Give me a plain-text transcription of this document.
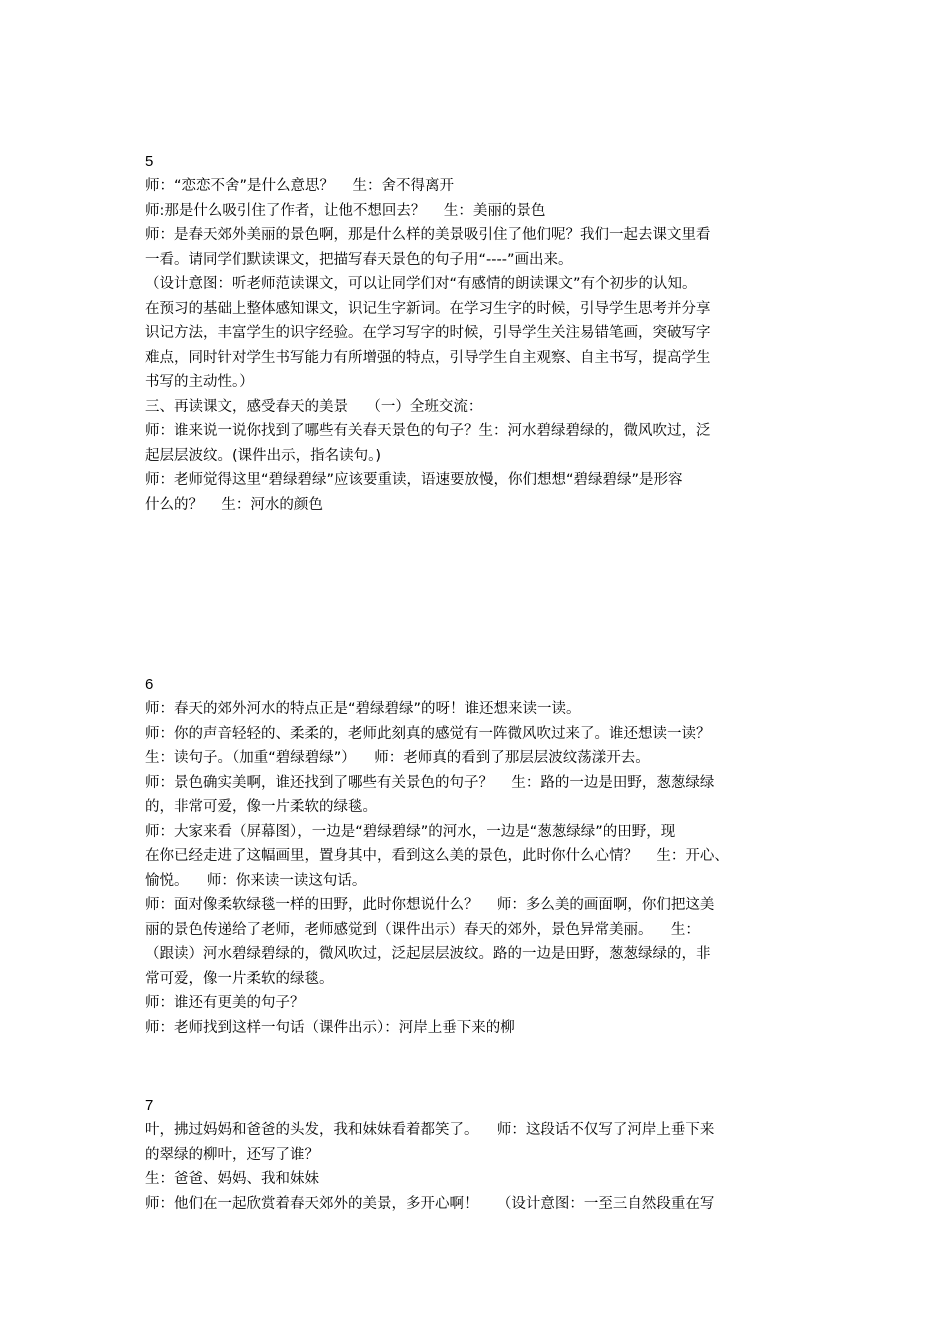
5

师：“恋恋不舍”是什么意思？    生：舍不得离开

师:那是什么吸引住了作者，让他不想回去？    生：美丽的景色

师：是春天郊外美丽的景色啊，那是什么样的美景吸引住了他们呢？我们一起去课文里看

一看。请同学们默读课文，把描写春天景色的句子用“----”画出来。

（设计意图：听老师范读课文，可以让同学们对“有感情的朗读课文”有个初步的认知。

在预习的基础上整体感知课文，识记生字新词。在学习生字的时候，引导学生思考并分享

识记方法，丰富学生的识字经验。在学习写字的时候，引导学生关注易错笔画，突破写字

难点，同时针对学生书写能力有所增强的特点，引导学生自主观察、自主书写，提高学生

书写的主动性。）

三、再读课文，感受春天的美景    （一）全班交流：

师：谁来说一说你找到了哪些有关春天景色的句子？生：河水碧绿碧绿的，微风吹过，泛

起层层波纹。(课件出示，指名读句。)

师：老师觉得这里“碧绿碧绿”应该要重读，语速要放慢，你们想想“碧绿碧绿”是形容

什么的？    生：河水的颜色

6

师：春天的郊外河水的特点正是“碧绿碧绿”的呀！谁还想来读一读。

师：你的声音轻轻的、柔柔的，老师此刻真的感觉有一阵微风吹过来了。谁还想读一读？

生：读句子。（加重“碧绿碧绿”）    师：老师真的看到了那层层波纹荡漾开去。

师：景色确实美啊，谁还找到了哪些有关景色的句子？    生：路的一边是田野，葱葱绿绿

的，非常可爱，像一片柔软的绿毯。

师：大家来看（屏幕图），一边是“碧绿碧绿”的河水，一边是“葱葱绿绿”的田野，现

在你已经走进了这幅画里，置身其中，看到这么美的景色，此时你什么心情？    生：开心、

愉悦。    师：你来读一读这句话。

师：面对像柔软绿毯一样的田野，此时你想说什么？    师：多么美的画面啊，你们把这美

丽的景色传递给了老师，老师感觉到（课件出示）春天的郊外，景色异常美丽。    生：

（跟读）河水碧绿碧绿的，微风吹过，泛起层层波纹。路的一边是田野，葱葱绿绿的，非

常可爱，像一片柔软的绿毯。

师：谁还有更美的句子？

师：老师找到这样一句话（课件出示）：河岸上垂下来的柳

7

叶，拂过妈妈和爸爸的头发，我和妹妹看着都笑了。    师：这段话不仅写了河岸上垂下来

的翠绿的柳叶，还写了谁？

生：爸爸、妈妈、我和妹妹

师：他们在一起欣赏着春天郊外的美景，多开心啊！    （设计意图：一至三自然段重在写
